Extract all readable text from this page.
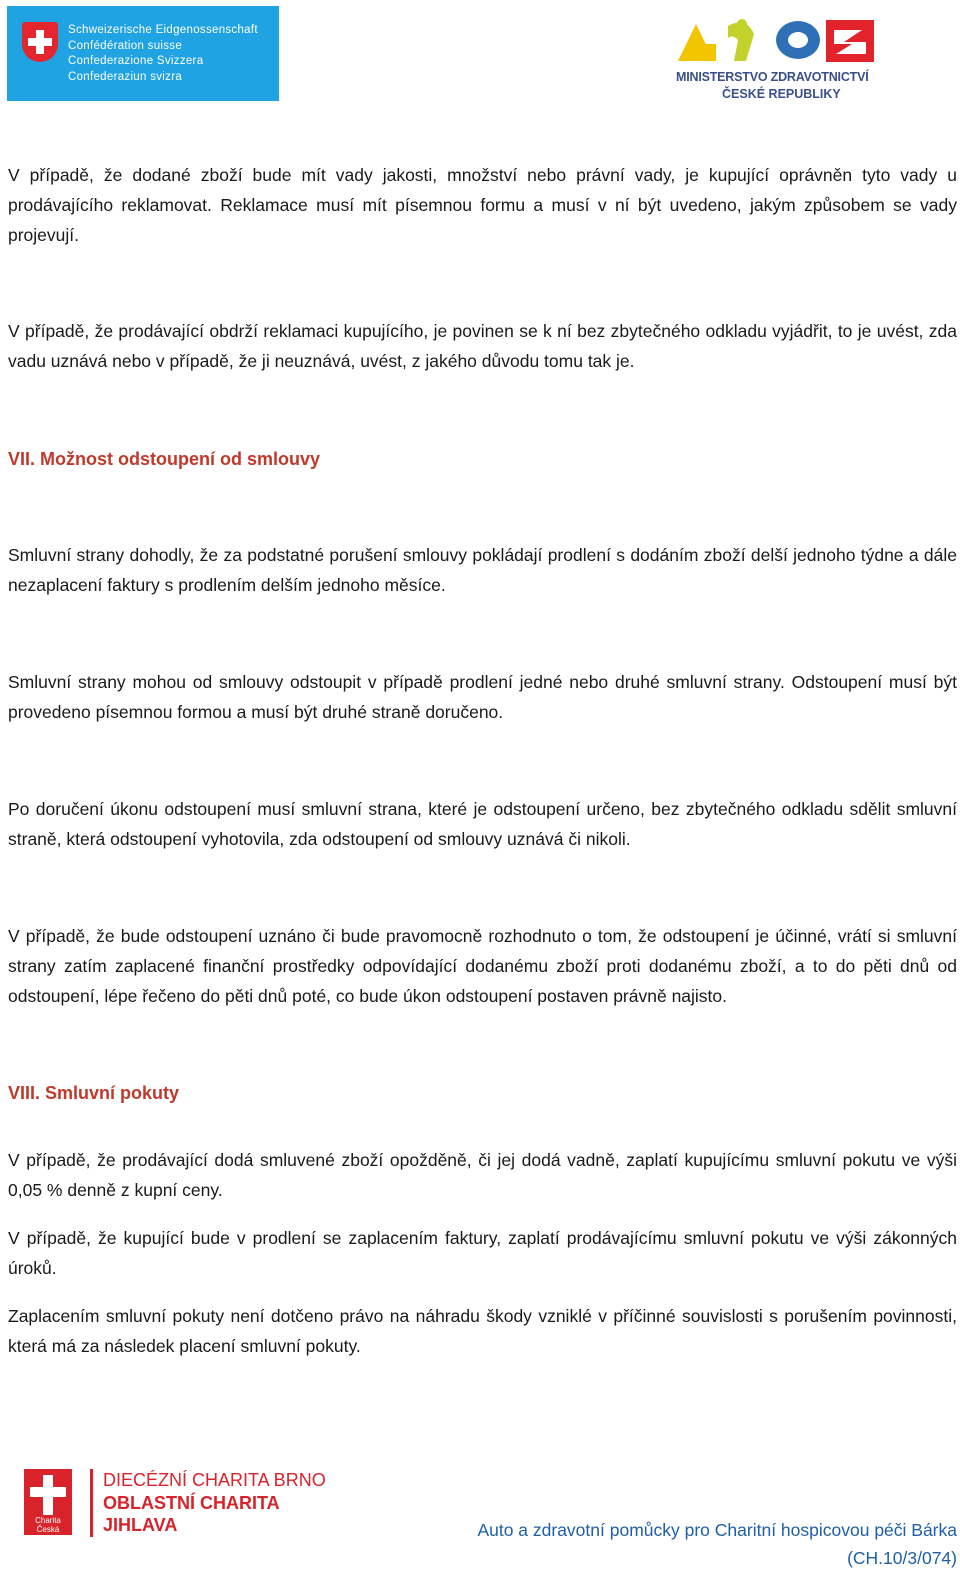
Schweizerische Eidgenossenschaft
Confédération suisse
Confederazione Svizzera
Confederaziun svizra	MINISTERSTVO ZDRAVOTNICTVÍ
ČESKÉ REPUBLIKY

V případě, že dodané zboží bude mít vady jakosti, množství nebo právní vady, je kupující oprávněn tyto vady u prodávajícího reklamovat. Reklamace musí mít písemnou formu a musí v ní být uvedeno, jakým způsobem se vady projevují.

V případě, že prodávající obdrží reklamaci kupujícího, je povinen se k ní bez zbytečného odkladu vyjádřit, to je uvést, zda vadu uznává nebo v případě, že ji neuznává, uvést, z jakého důvodu tomu tak je.

VII. Možnost odstoupení od smlouvy

Smluvní strany dohodly, že za podstatné porušení smlouvy pokládají prodlení s dodáním zboží delší jednoho týdne a dále nezaplacení faktury s prodlením delším jednoho měsíce.

Smluvní strany mohou od smlouvy odstoupit v případě prodlení jedné nebo druhé smluvní strany. Odstoupení musí být provedeno písemnou formou a musí být druhé straně doručeno.

Po doručení úkonu odstoupení musí smluvní strana, které je odstoupení určeno, bez zbytečného odkladu sdělit smluvní straně, která odstoupení vyhotovila, zda odstoupení od smlouvy uznává či nikoli.

V případě, že bude odstoupení uznáno či bude pravomocně rozhodnuto o tom, že odstoupení je účinné, vrátí si smluvní strany zatím zaplacené finanční prostředky odpovídající dodanému zboží proti dodanému zboží, a to do pěti dnů od odstoupení, lépe řečeno do pěti dnů poté, co bude úkon odstoupení postaven právně najisto.

VIII. Smluvní pokuty

V případě, že prodávající dodá smluvené zboží opožděně, či jej dodá vadně, zaplatí kupujícímu smluvní pokutu ve výši 0,05 % denně z kupní ceny.

V případě, že kupující bude v prodlení se zaplacením faktury, zaplatí prodávajícímu smluvní pokutu ve výši zákonných úroků.

Zaplacením smluvní pokuty není dotčeno právo na náhradu škody vzniklé v příčinné souvislosti s porušením povinnosti, která má za následek placení smluvní pokuty.

Charita Česká republika
DIECÉZNÍ CHARITA BRNO
OBLASTNÍ CHARITA
JIHLAVA	Auto a zdravotní pomůcky pro Charitní hospicovou péči Bárka
(CH.10/3/074)
